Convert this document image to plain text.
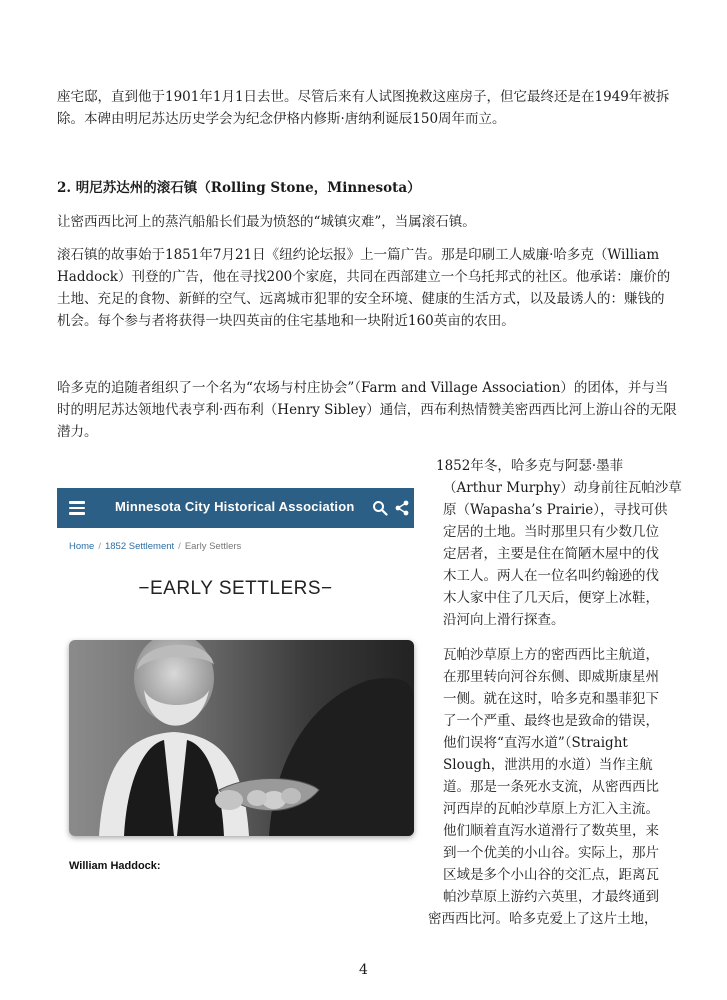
座宅邸，直到他于1901年1月1日去世。尽管后来有人试图挽救这座房子，但它最终还是在1949年被拆除。本碑由明尼苏达历史学会为纪念伊格内修斯·唐纳利诞辰150周年而立。
2. 明尼苏达州的滚石镇（Rolling Stone，Minnesota）
让密西西比河上的蒸汽船船长们最为愤怒的“城镇灾难”，当属滚石镇。
滚石镇的故事始于1851年7月21日《纽约论坛报》上一篇广告。那是印刷工人威廉·哈多克（William Haddock）刊登的广告，他在寻找200个家庭，共同在西部建立一个乌托邦式的社区。他承诺：廉价的土地、充足的食物、新鲜的空气、远离城市犯罪的安全环境、健康的生活方式，以及最诱人的：赚钱的机会。每个参与者将获得一块四英亩的住宅基地和一块附近160英亩的农田。
哈多克的追随者组织了一个名为“农场与村庄协会”（Farm and Village Association）的团体，并与当时的明尼苏达领地代表亨利·西布利（Henry Sibley）通信，西布利热情赞美密西西比河上游山谷的无限潜力。
1852年冬，哈多克与阿瑟·墨菲
（Arthur Murphy）动身前往瓦帕沙草
原（Wapasha’s Prairie），寻找可供
定居的土地。当时那里只有少数几位
定居者，主要是住在简陋木屋中的伐
木工人。两人在一位名叫约翰逊的伐
木人家中住了几天后，便穿上冰鞋，
沿河向上滑行探查。
瓦帕沙草原上方的密西西比主航道，
在那里转向河谷东侧、即威斯康星州
一侧。就在这时，哈多克和墨菲犯下
了一个严重、最终也是致命的错误，
他们误将“直泻水道”（Straight
Slough，泄洪用的水道）当作主航
道。那是一条死水支流，从密西西比
河西岸的瓦帕沙草原上方汇入主流。
他们顺着直泻水道滑行了数英里，来
到一个优美的小山谷。实际上，那片
区域是多个小山谷的交汇点，距离瓦
帕沙草原上游约六英里，才最终通到
密西西比河。哈多克爱上了这片土地，
Minnesota City Historical Association
Home / 1852 Settlement / Early Settlers
−EARLY SETTLERS−
William Haddock:
4
